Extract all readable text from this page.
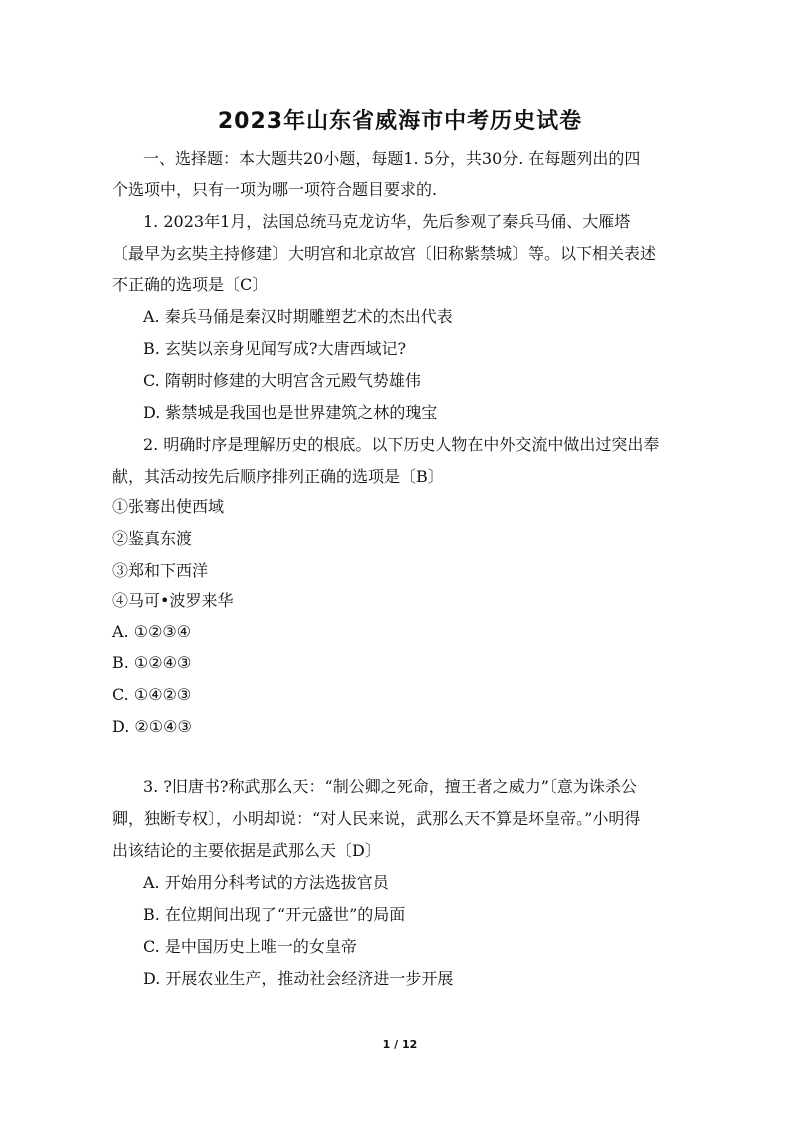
2023年山东省威海市中考历史试卷
一、选择题：本大题共20小题，每题1. 5分，共30分. 在每题列出的四
个选项中，只有一项为哪一项符合题目要求的.
1. 2023年1月，法国总统马克龙访华，先后参观了秦兵马俑、大雁塔
〔最早为玄奘主持修建〕大明宫和北京故宫〔旧称紫禁城〕等。以下相关表述
不正确的选项是〔C〕
A. 秦兵马俑是秦汉时期雕塑艺术的杰出代表
B. 玄奘以亲身见闻写成?大唐西域记?
C. 隋朝时修建的大明宫含元殿气势雄伟
D. 紫禁城是我国也是世界建筑之林的瑰宝
2. 明确时序是理解历史的根底。以下历史人物在中外交流中做出过突出奉
献，其活动按先后顺序排列正确的选项是〔B〕
①张骞出使西域
②鉴真东渡
③郑和下西洋
④马可•波罗来华
A. ①②③④
B. ①②④③
C. ①④②③
D. ②①④③
3. ?旧唐书?称武那么天：“制公卿之死命，擅王者之威力”〔意为诛杀公
卿，独断专权〕，小明却说：“对人民来说，武那么天不算是坏皇帝。”小明得
出该结论的主要依据是武那么天〔D〕
A. 开始用分科考试的方法选拔官员
B. 在位期间出现了“开元盛世”的局面
C. 是中国历史上唯一的女皇帝
D. 开展农业生产，推动社会经济进一步开展
1 / 12
